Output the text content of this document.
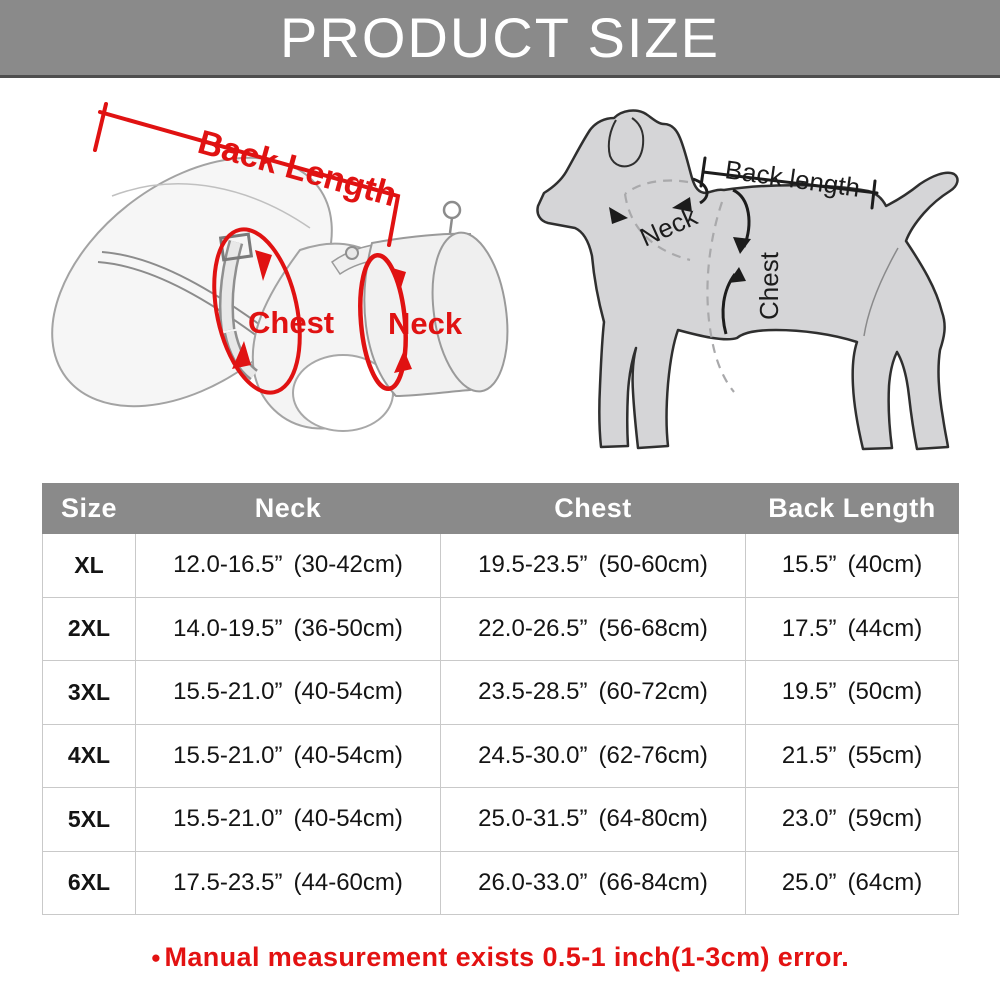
PRODUCT SIZE
Back Length
Chest Neck
Back length
Neck
Chest
Size	Neck	Chest	Back Length
XL	12.0-16.5” (30-42cm)	19.5-23.5” (50-60cm)	15.5” (40cm)
2XL	14.0-19.5” (36-50cm)	22.0-26.5” (56-68cm)	17.5” (44cm)
3XL	15.5-21.0” (40-54cm)	23.5-28.5” (60-72cm)	19.5” (50cm)
4XL	15.5-21.0” (40-54cm)	24.5-30.0” (62-76cm)	21.5” (55cm)
5XL	15.5-21.0” (40-54cm)	25.0-31.5” (64-80cm)	23.0” (59cm)
6XL	17.5-23.5” (44-60cm)	26.0-33.0” (66-84cm)	25.0” (64cm)
● Manual measurement exists 0.5-1 inch(1-3cm) error.
